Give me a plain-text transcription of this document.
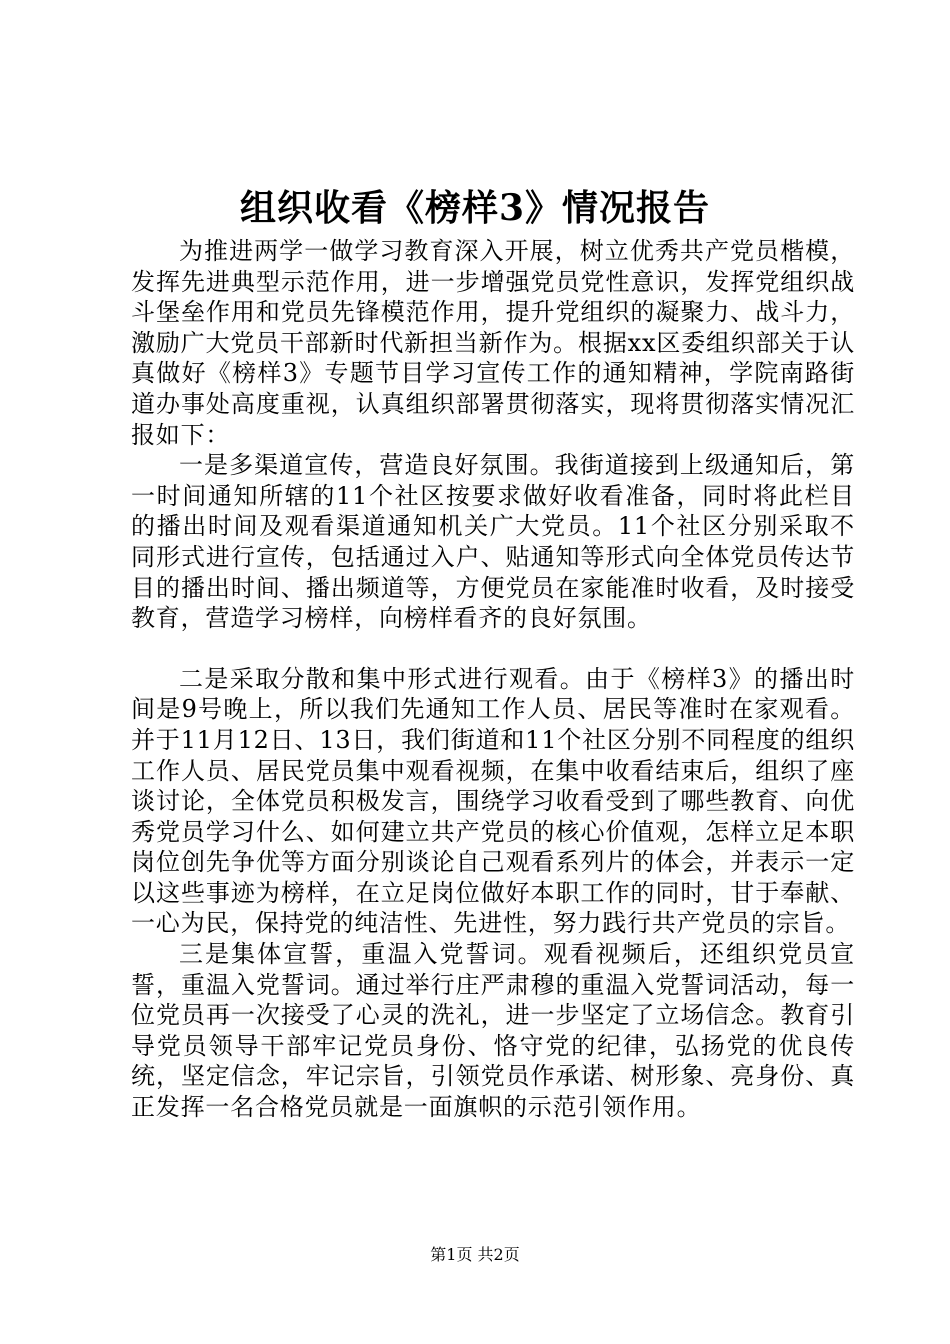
组织收看《榜样3》情况报告

为推进两学一做学习教育深入开展，树立优秀共产党员楷模，发挥先进典型示范作用，进一步增强党员党性意识，发挥党组织战斗堡垒作用和党员先锋模范作用，提升党组织的凝聚力、战斗力，激励广大党员干部新时代新担当新作为。根据xx区委组织部关于认真做好《榜样3》专题节目学习宣传工作的通知精神，学院南路街道办事处高度重视，认真组织部署贯彻落实，现将贯彻落实情况汇报如下：

一是多渠道宣传，营造良好氛围。我街道接到上级通知后，第一时间通知所辖的11个社区按要求做好收看准备，同时将此栏目的播出时间及观看渠道通知机关广大党员。11个社区分别采取不同形式进行宣传，包括通过入户、贴通知等形式向全体党员传达节目的播出时间、播出频道等，方便党员在家能准时收看，及时接受教育，营造学习榜样，向榜样看齐的良好氛围。

二是采取分散和集中形式进行观看。由于《榜样3》的播出时间是9号晚上，所以我们先通知工作人员、居民等准时在家观看。并于11月12日、13日，我们街道和11个社区分别不同程度的组织工作人员、居民党员集中观看视频，在集中收看结束后，组织了座谈讨论，全体党员积极发言，围绕学习收看受到了哪些教育、向优秀党员学习什么、如何建立共产党员的核心价值观，怎样立足本职岗位创先争优等方面分别谈论自己观看系列片的体会，并表示一定以这些事迹为榜样，在立足岗位做好本职工作的同时，甘于奉献、一心为民，保持党的纯洁性、先进性，努力践行共产党员的宗旨。

三是集体宣誓，重温入党誓词。观看视频后，还组织党员宣誓，重温入党誓词。通过举行庄严肃穆的重温入党誓词活动，每一位党员再一次接受了心灵的洗礼，进一步坚定了立场信念。教育引导党员领导干部牢记党员身份、恪守党的纪律，弘扬党的优良传统，坚定信念，牢记宗旨，引领党员作承诺、树形象、亮身份、真正发挥一名合格党员就是一面旗帜的示范引领作用。

第1页 共2页
